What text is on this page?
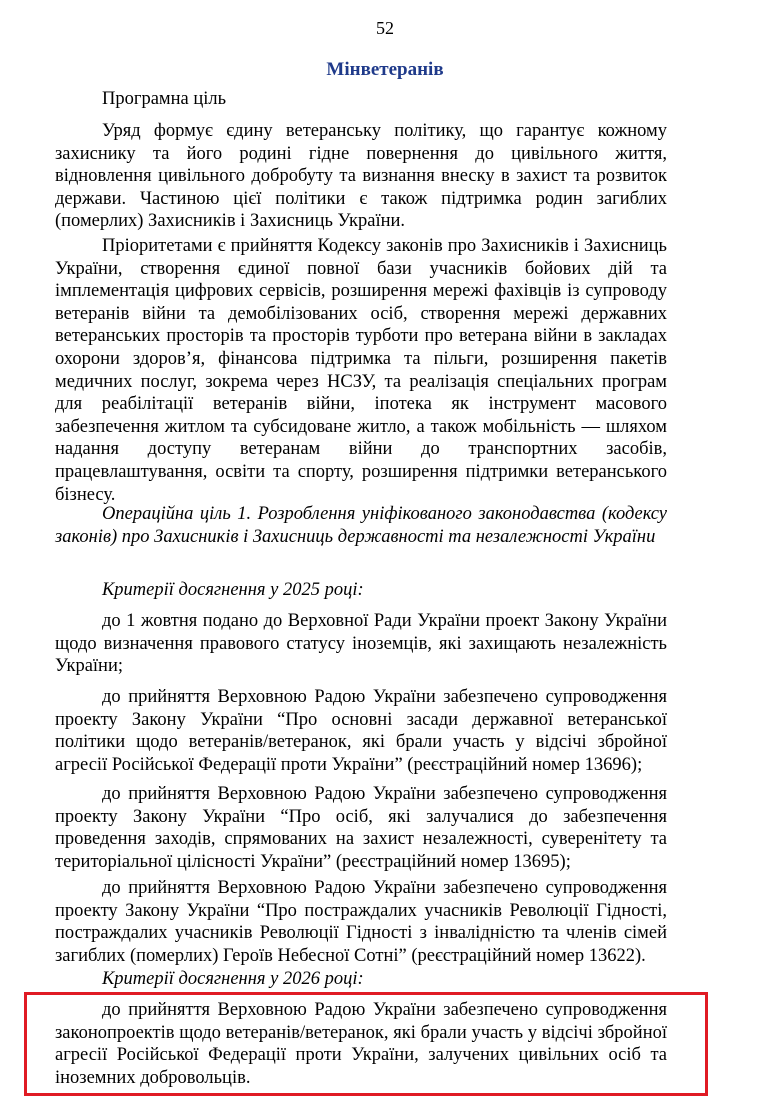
52
Мінветеранів

Програмна ціль

Уряд формує єдину ветеранську політику, що гарантує кожному захиснику та його родині гідне повернення до цивільного життя, відновлення цивільного добробуту та визнання внеску в захист та розвиток держави. Частиною цієї політики є також підтримка родин загиблих (померлих) Захисників і Захисниць України.

Пріоритетами є прийняття Кодексу законів про Захисників і Захисниць України, створення єдиної повної бази учасників бойових дій та імплементація цифрових сервісів, розширення мережі фахівців із супроводу ветеранів війни та демобілізованих осіб, створення мережі державних ветеранських просторів та просторів турботи про ветерана війни в закладах охорони здоров’я, фінансова підтримка та пільги, розширення пакетів медичних послуг, зокрема через НСЗУ, та реалізація спеціальних програм для реабілітації ветеранів війни, іпотека як інструмент масового забезпечення житлом та субсидоване житло, а також мобільність — шляхом надання доступу ветеранам війни до транспортних засобів, працевлаштування, освіти та спорту, розширення підтримки ветеранського бізнесу.

Операційна ціль 1. Розроблення уніфікованого законодавства (кодексу законів) про Захисників і Захисниць державності та незалежності України

Критерії досягнення у 2025 році:

до 1 жовтня подано до Верховної Ради України проект Закону України щодо визначення правового статусу іноземців, які захищають незалежність України;

до прийняття Верховною Радою України забезпечено супроводження проекту Закону України “Про основні засади державної ветеранської політики щодо ветеранів/ветеранок, які брали участь у відсічі збройної агресії Російської Федерації проти України” (реєстраційний номер 13696);

до прийняття Верховною Радою України забезпечено супроводження проекту Закону України “Про осіб, які залучалися до забезпечення проведення заходів, спрямованих на захист незалежності, суверенітету та територіальної цілісності України” (реєстраційний номер 13695);

до прийняття Верховною Радою України забезпечено супроводження проекту Закону України “Про постраждалих учасників Революції Гідності, постраждалих учасників Революції Гідності з інвалідністю та членів сімей загиблих (померлих) Героїв Небесної Сотні” (реєстраційний номер 13622).

Критерії досягнення у 2026 році:

до прийняття Верховною Радою України забезпечено супроводження законопроектів щодо ветеранів/ветеранок, які брали участь у відсічі збройної агресії Російської Федерації проти України, залучених цивільних осіб та іноземних добровольців.
